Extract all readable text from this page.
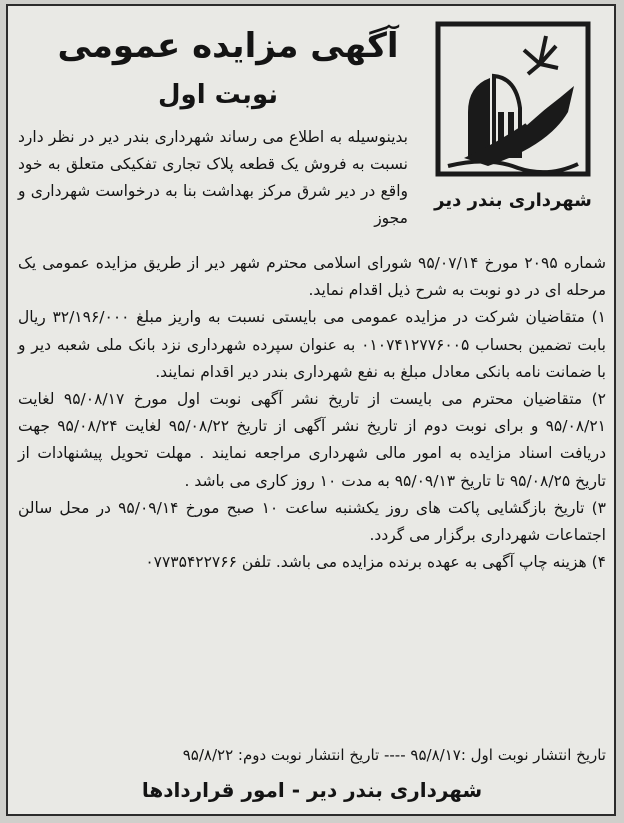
شهرداری بندر دیر
آگهی مزایده عمومی
نوبت اول
بدینوسیله به اطلاع می رساند شهرداری بندر دیر در نظر دارد نسبت به فروش یک قطعه پلاک تجاری تفکیکی متعلق به خود واقع در دیر شرق مرکز بهداشت بنا به درخواست شهرداری و مجوز

شماره ۲۰۹۵ مورخ ۹۵/۰۷/۱۴ شورای اسلامی محترم شهر دیر از طریق مزایده عمومی یک مرحله ای در دو نوبت به شرح ذیل اقدام نماید.

۱) متقاضیان شرکت در مزایده عمومی می بایستی نسبت به واریز مبلغ ۳۲/۱۹۶/۰۰۰ ریال بابت تضمین بحساب ۰۱۰۷۴۱۲۷۷۶۰۰۵ به عنوان سپرده شهرداری نزد بانک ملی شعبه دیر و با ضمانت نامه بانکی معادل مبلغ به نفع شهرداری بندر دیر اقدام نمایند.

۲) متقاضیان محترم می بایست از تاریخ نشر آگهی نوبت اول مورخ ۹۵/۰۸/۱۷ لغایت ۹۵/۰۸/۲۱ و برای نوبت دوم از تاریخ نشر آگهی از تاریخ ۹۵/۰۸/۲۲ لغایت ۹۵/۰۸/۲۴ جهت دریافت اسناد مزایده به امور مالی شهرداری مراجعه نمایند . مهلت تحویل پیشنهادات از تاریخ ۹۵/۰۸/۲۵ تا تاریخ ۹۵/۰۹/۱۳ به مدت ۱۰ روز کاری می باشد .

۳) تاریخ بازگشایی پاکت های روز یکشنبه ساعت ۱۰ صبح مورخ ۹۵/۰۹/۱۴ در محل سالن اجتماعات شهرداری برگزار می گردد.

۴) هزینه چاپ آگهی به عهده برنده مزایده می باشد. تلفن ۰۷۷۳۵۴۲۲۷۶۶

تاریخ انتشار نوبت اول :۹۵/۸/۱۷ ---- تاریخ انتشار نوبت دوم: ۹۵/۸/۲۲
شهرداری بندر دیر - امور قراردادها
